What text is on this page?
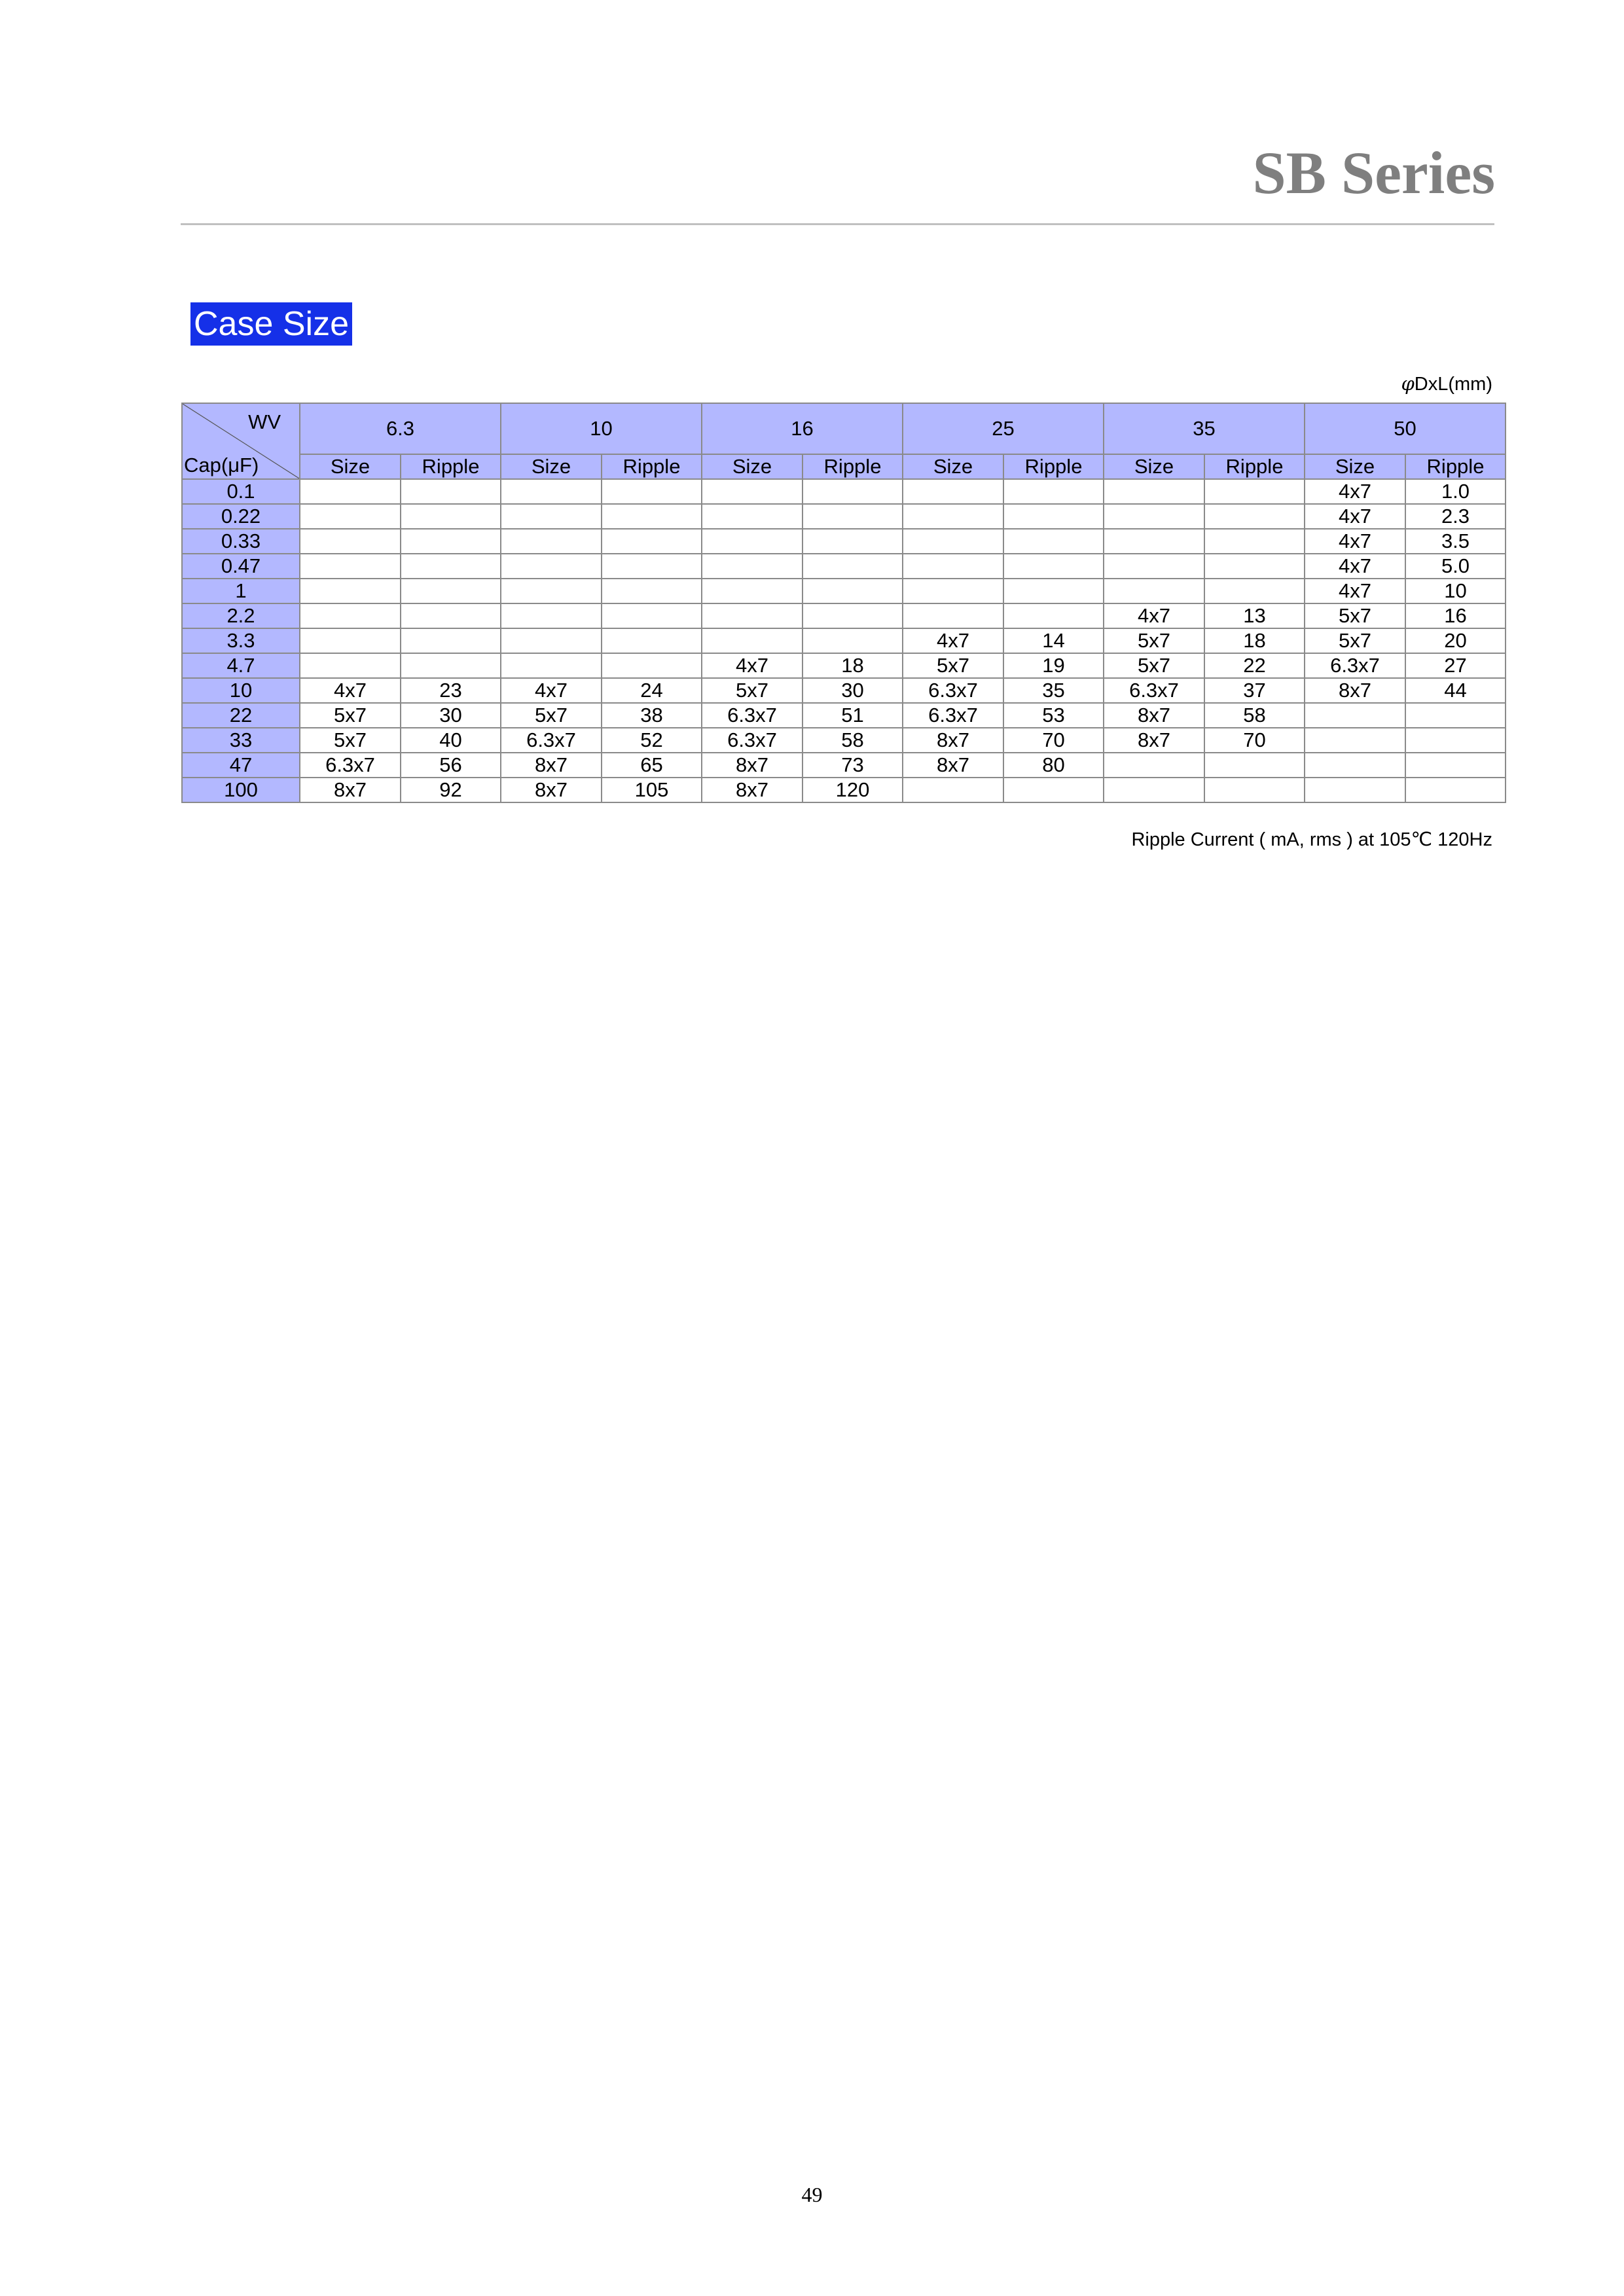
SB Series
Case Size
φDxL(mm)
WV
Cap(μF)	6.3		10		16		25		35		50	
	Size	Ripple	Size	Ripple	Size	Ripple	Size	Ripple	Size	Ripple	Size	Ripple
0.1											4x7	1.0
0.22											4x7	2.3
0.33											4x7	3.5
0.47											4x7	5.0
1											4x7	10
2.2									4x7	13	5x7	16
3.3							4x7	14	5x7	18	5x7	20
4.7					4x7	18	5x7	19	5x7	22	6.3x7	27
10	4x7	23	4x7	24	5x7	30	6.3x7	35	6.3x7	37	8x7	44
22	5x7	30	5x7	38	6.3x7	51	6.3x7	53	8x7	58		
33	5x7	40	6.3x7	52	6.3x7	58	8x7	70	8x7	70		
47	6.3x7	56	8x7	65	8x7	73	8x7	80				
100	8x7	92	8x7	105	8x7	120						
Ripple Current ( mA, rms ) at 105℃ 120Hz
49
